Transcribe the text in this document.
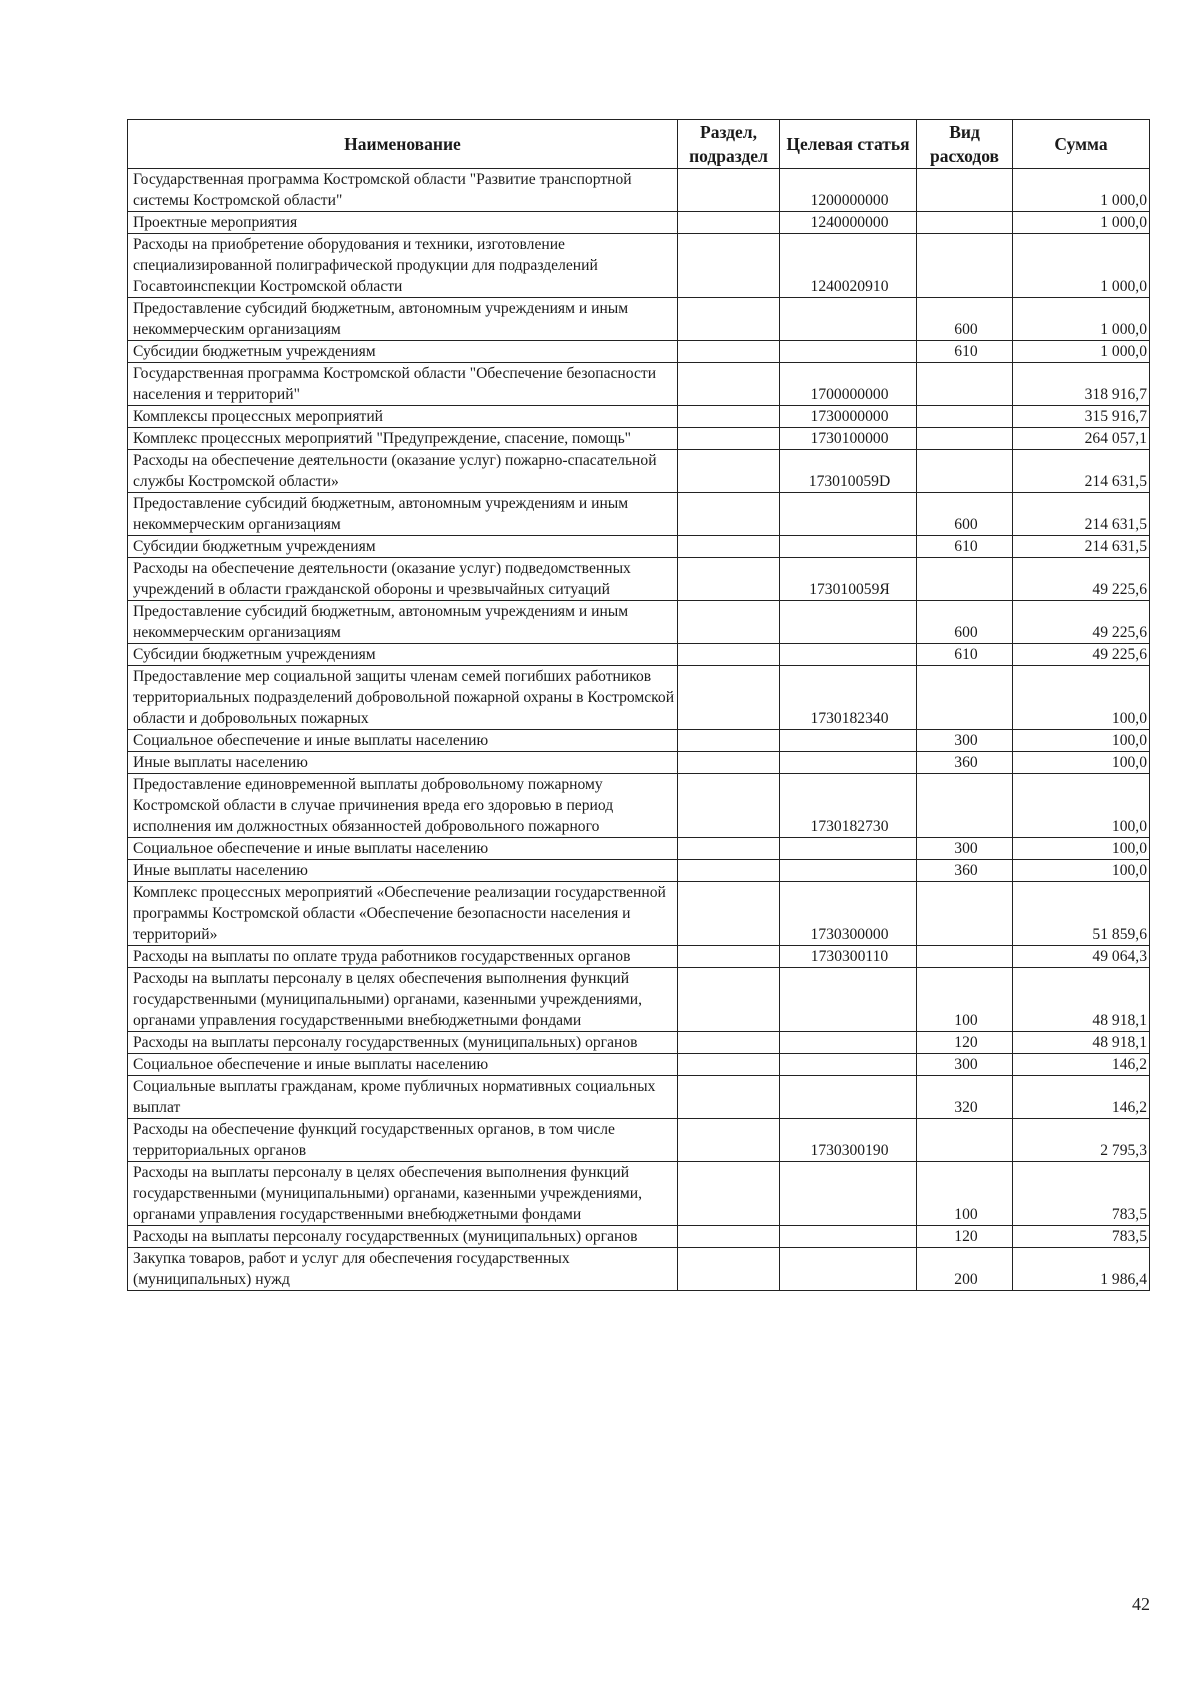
Наименование	Раздел, подраздел	Целевая статья	Вид расходов	Сумма
Государственная программа Костромской области "Развитие транспортной системы Костромской области"		1200000000		1 000,0
Проектные мероприятия		1240000000		1 000,0
Расходы на приобретение оборудования и техники, изготовление специализированной полиграфической продукции для подразделений Госавтоинспекции Костромской области		1240020910		1 000,0
Предоставление субсидий бюджетным, автономным учреждениям и иным некоммерческим организациям			600	1 000,0
Субсидии бюджетным учреждениям			610	1 000,0
Государственная программа Костромской области "Обеспечение безопасности населения и территорий"		1700000000		318 916,7
Комплексы процессных мероприятий		1730000000		315 916,7
Комплекс процессных мероприятий "Предупреждение, спасение, помощь"		1730100000		264 057,1
Расходы на обеспечение деятельности (оказание услуг) пожарно-спасательной службы Костромской области»		173010059D		214 631,5
Предоставление субсидий бюджетным, автономным учреждениям и иным некоммерческим организациям			600	214 631,5
Субсидии бюджетным учреждениям			610	214 631,5
Расходы на обеспечение деятельности (оказание услуг) подведомственных учреждений в области гражданской обороны и чрезвычайных ситуаций		173010059Я		49 225,6
Предоставление субсидий бюджетным, автономным учреждениям и иным некоммерческим организациям			600	49 225,6
Субсидии бюджетным учреждениям			610	49 225,6
Предоставление мер социальной защиты членам семей погибших работников территориальных подразделений добровольной пожарной охраны в Костромской области и добровольных пожарных		1730182340		100,0
Социальное обеспечение и иные выплаты населению			300	100,0
Иные выплаты населению			360	100,0
Предоставление единовременной выплаты добровольному пожарному Костромской области в случае причинения вреда его здоровью в период исполнения им должностных обязанностей добровольного пожарного		1730182730		100,0
Социальное обеспечение и иные выплаты населению			300	100,0
Иные выплаты населению			360	100,0
Комплекс процессных мероприятий «Обеспечение реализации государственной программы Костромской области «Обеспечение безопасности населения и территорий»		1730300000		51 859,6
Расходы на выплаты по оплате труда работников государственных органов		1730300110		49 064,3
Расходы на выплаты персоналу в целях обеспечения выполнения функций государственными (муниципальными) органами, казенными учреждениями, органами управления государственными внебюджетными фондами			100	48 918,1
Расходы на выплаты персоналу государственных (муниципальных) органов			120	48 918,1
Социальное обеспечение и иные выплаты населению			300	146,2
Социальные выплаты гражданам, кроме публичных нормативных социальных выплат			320	146,2
Расходы на обеспечение функций государственных органов, в том числе территориальных органов		1730300190		2 795,3
Расходы на выплаты персоналу в целях обеспечения выполнения функций государственными (муниципальными) органами, казенными учреждениями, органами управления государственными внебюджетными фондами			100	783,5
Расходы на выплаты персоналу государственных (муниципальных) органов			120	783,5
Закупка товаров, работ и услуг для обеспечения государственных (муниципальных) нужд			200	1 986,4
42
